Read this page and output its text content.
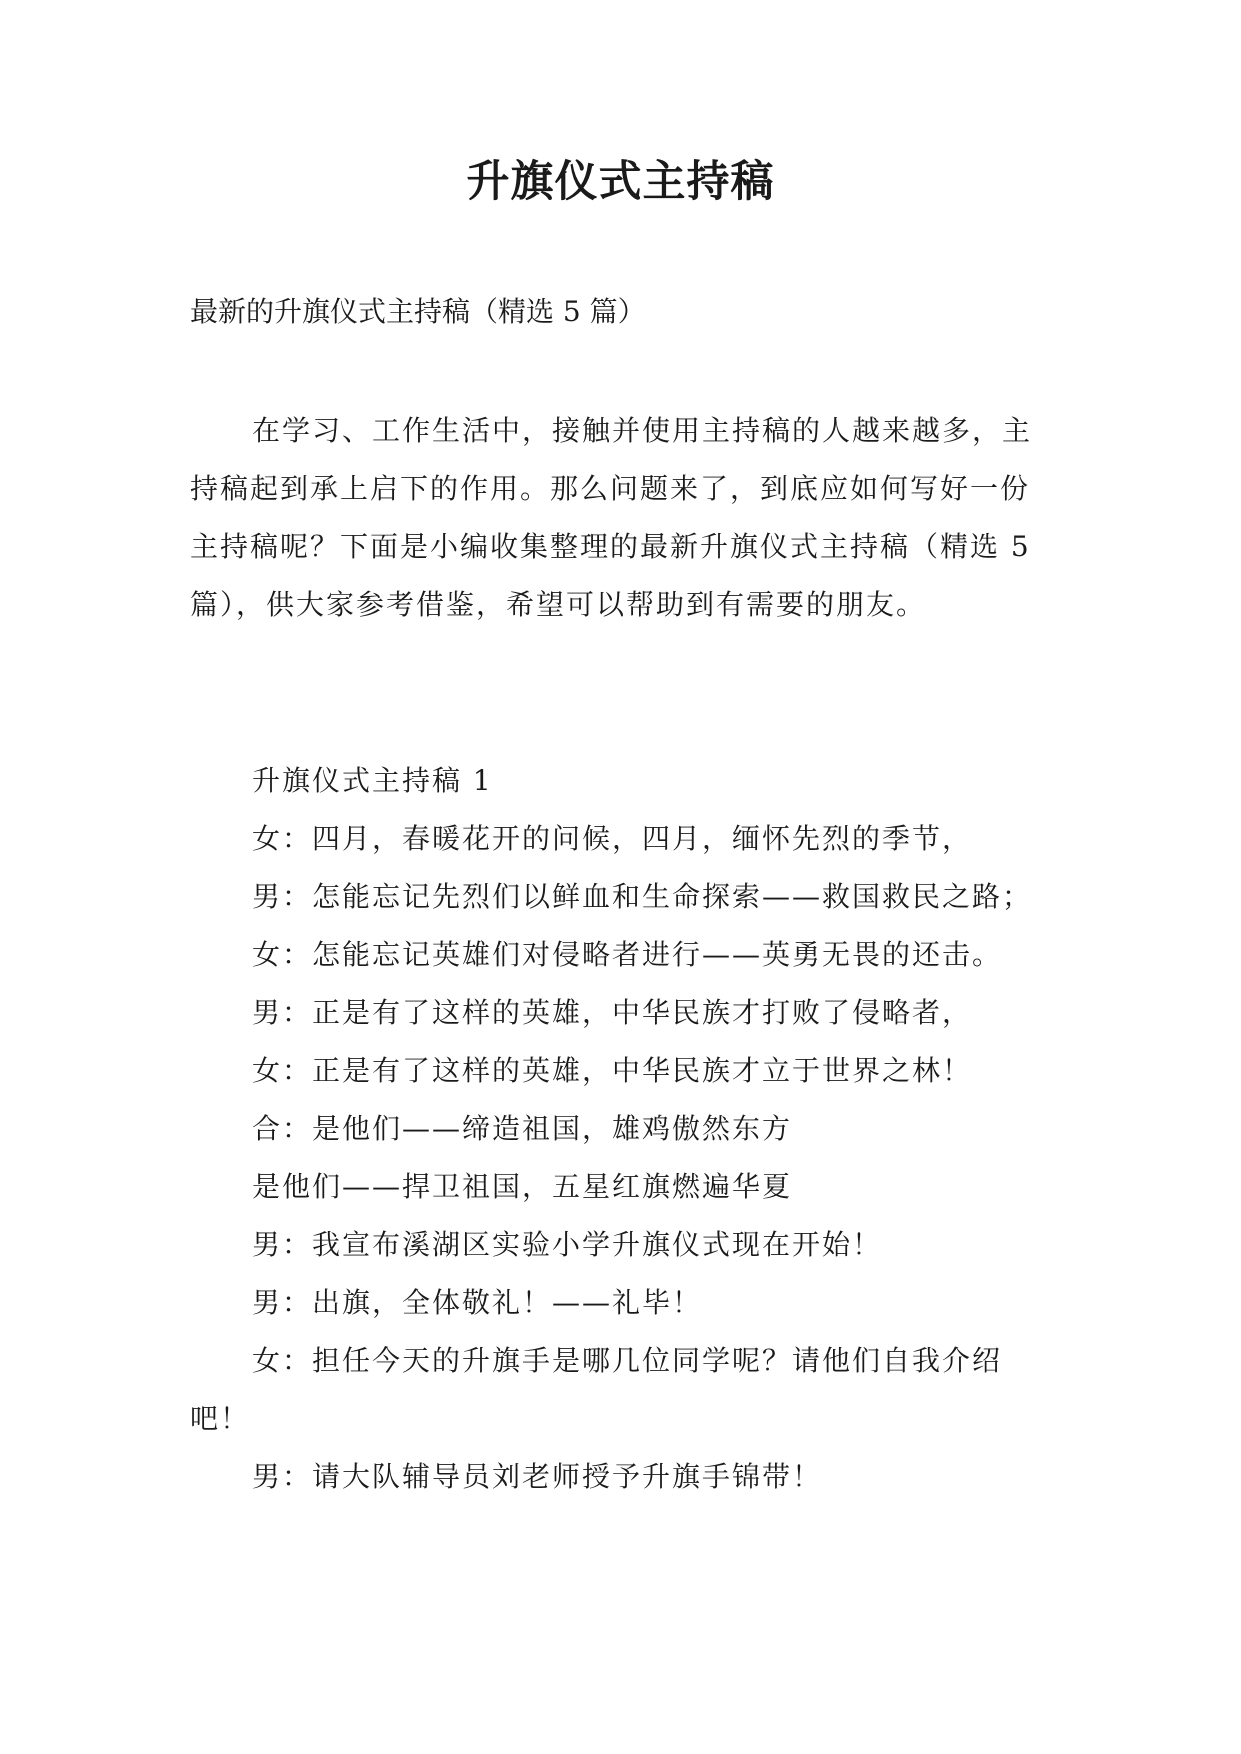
升旗仪式主持稿
最新的升旗仪式主持稿（精选 5 篇）

在学习、工作生活中，接触并使用主持稿的人越来越多，主持稿起到承上启下的作用。那么问题来了，到底应如何写好一份主持稿呢？下面是小编收集整理的最新升旗仪式主持稿（精选 5 篇），供大家参考借鉴，希望可以帮助到有需要的朋友。

升旗仪式主持稿 1

女：四月，春暖花开的问候，四月，缅怀先烈的季节，

男：怎能忘记先烈们以鲜血和生命探索——救国救民之路；

女：怎能忘记英雄们对侵略者进行——英勇无畏的还击。

男：正是有了这样的英雄，中华民族才打败了侵略者，

女：正是有了这样的英雄，中华民族才立于世界之林！

合：是他们——缔造祖国，雄鸡傲然东方

是他们——捍卫祖国，五星红旗燃遍华夏

男：我宣布溪湖区实验小学升旗仪式现在开始！

男：出旗，全体敬礼！——礼毕！

女：担任今天的升旗手是哪几位同学呢？请他们自我介绍吧！

男：请大队辅导员刘老师授予升旗手锦带！
